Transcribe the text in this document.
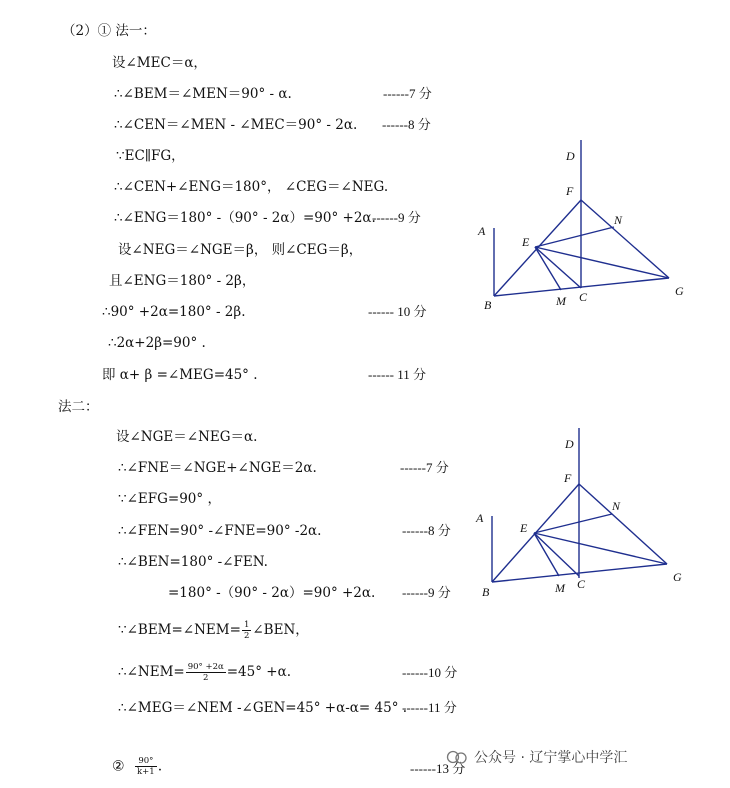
（2）① 法一：
设∠MEC＝α，
∴∠BEM＝∠MEN＝90° - α.	------7 分
∴∠CEN＝∠MEN - ∠MEC＝90° - 2α. ------8 分
∵EC∥FG，
∴∠CEN+∠ENG＝180°， ∠CEG＝∠NEG.
∴∠ENG＝180° -（90° - 2α）=90° +2α.
------9 分
设∠NEG＝∠NGE＝β， 则∠CEG＝β，
且∠ENG＝180° - 2β，
∴90° +2α=180° - 2β.	------ 10 分
∴2α+2β=90° .
即 α+ β =∠MEG=45° .	------ 11 分
法二：
设∠NGE＝∠NEG＝α.
∴∠FNE＝∠NGE+∠NGE＝2α.	------7 分
∵∠EFG=90° ，
∴∠FEN=90° -∠FNE=90° -2α.	------8 分
∴∠BEN=180° -∠FEN.
=180° -（90° - 2α）=90° +2α. ------9 分
∵∠BEM=∠NEM= $\frac{1}{2}$ ∠BEN，
∴∠NEM= $\frac{90^\circ +2\alpha}{2} =45^\circ +\alpha$.	------10 分
∴∠MEG＝∠NEM -∠GEN=45° +α-α= 45° .
------11 分
② $\frac{90^\circ}{k+1}$ .	------13 分
D
F
N
A
E
G
B	M C
D
F
N
A
E
G
B	M C
公众号 · 辽宁掌心中学汇
